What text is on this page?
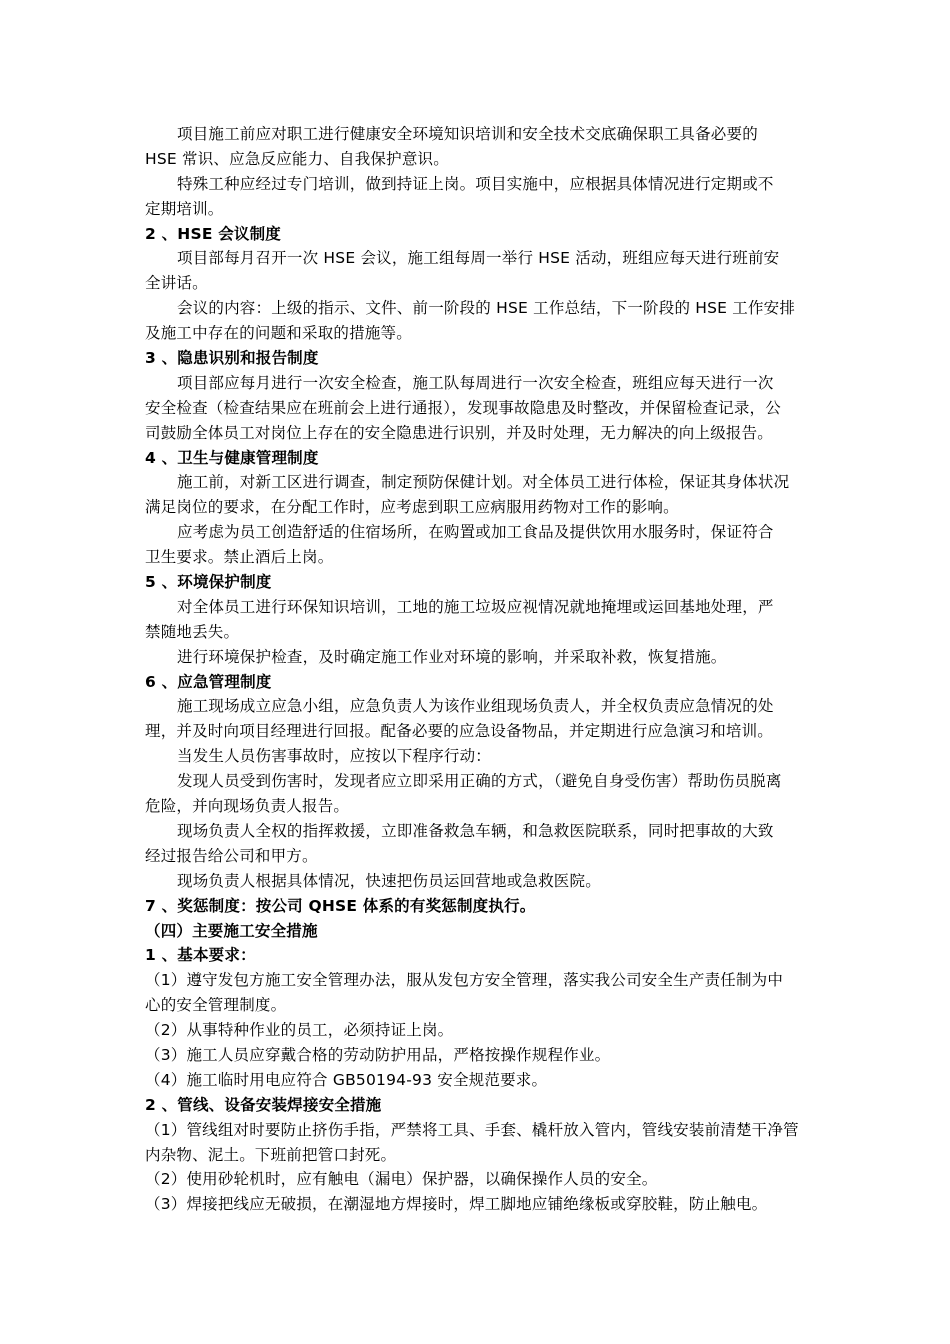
项目施工前应对职工进行健康安全环境知识培训和安全技术交底确保职工具备必要的
HSE 常识、应急反应能力、自我保护意识。
特殊工种应经过专门培训，做到持证上岗。项目实施中，应根据具体情况进行定期或不
定期培训。
2 、HSE 会议制度
项目部每月召开一次 HSE 会议，施工组每周一举行 HSE 活动，班组应每天进行班前安
全讲话。
会议的内容：上级的指示、文件、前一阶段的 HSE 工作总结，下一阶段的 HSE 工作安排
及施工中存在的问题和采取的措施等。
3 、隐患识别和报告制度
项目部应每月进行一次安全检查，施工队每周进行一次安全检查，班组应每天进行一次
安全检查（检查结果应在班前会上进行通报），发现事故隐患及时整改，并保留检查记录，公
司鼓励全体员工对岗位上存在的安全隐患进行识别，并及时处理，无力解决的向上级报告。
4 、卫生与健康管理制度
施工前，对新工区进行调查，制定预防保健计划。对全体员工进行体检，保证其身体状况
满足岗位的要求，在分配工作时，应考虑到职工应病服用药物对工作的影响。
应考虑为员工创造舒适的住宿场所，在购置或加工食品及提供饮用水服务时，保证符合
卫生要求。禁止酒后上岗。
5 、环境保护制度
对全体员工进行环保知识培训，工地的施工垃圾应视情况就地掩埋或运回基地处理，严
禁随地丢失。
进行环境保护检查，及时确定施工作业对环境的影响，并采取补救，恢复措施。
6 、应急管理制度
施工现场成立应急小组，应急负责人为该作业组现场负责人，并全权负责应急情况的处
理，并及时向项目经理进行回报。配备必要的应急设备物品，并定期进行应急演习和培训。
当发生人员伤害事故时，应按以下程序行动：
发现人员受到伤害时，发现者应立即采用正确的方式，（避免自身受伤害）帮助伤员脱离
危险，并向现场负责人报告。
现场负责人全权的指挥救援，立即准备救急车辆，和急救医院联系，同时把事故的大致
经过报告给公司和甲方。
现场负责人根据具体情况，快速把伤员运回营地或急救医院。
7 、奖惩制度：按公司 QHSE 体系的有奖惩制度执行。
（四）主要施工安全措施
1 、基本要求：
（1）遵守发包方施工安全管理办法，服从发包方安全管理，落实我公司安全生产责任制为中
心的安全管理制度。
（2）从事特种作业的员工，必须持证上岗。
（3）施工人员应穿戴合格的劳动防护用品，严格按操作规程作业。
（4）施工临时用电应符合 GB50194-93 安全规范要求。
2 、管线、设备安装焊接安全措施
（1）管线组对时要防止挤伤手指，严禁将工具、手套、橇杆放入管内，管线安装前清楚干净管
内杂物、泥土。下班前把管口封死。
（2）使用砂轮机时，应有触电（漏电）保护器，以确保操作人员的安全。
（3）焊接把线应无破损，在潮湿地方焊接时，焊工脚地应铺绝缘板或穿胶鞋，防止触电。
